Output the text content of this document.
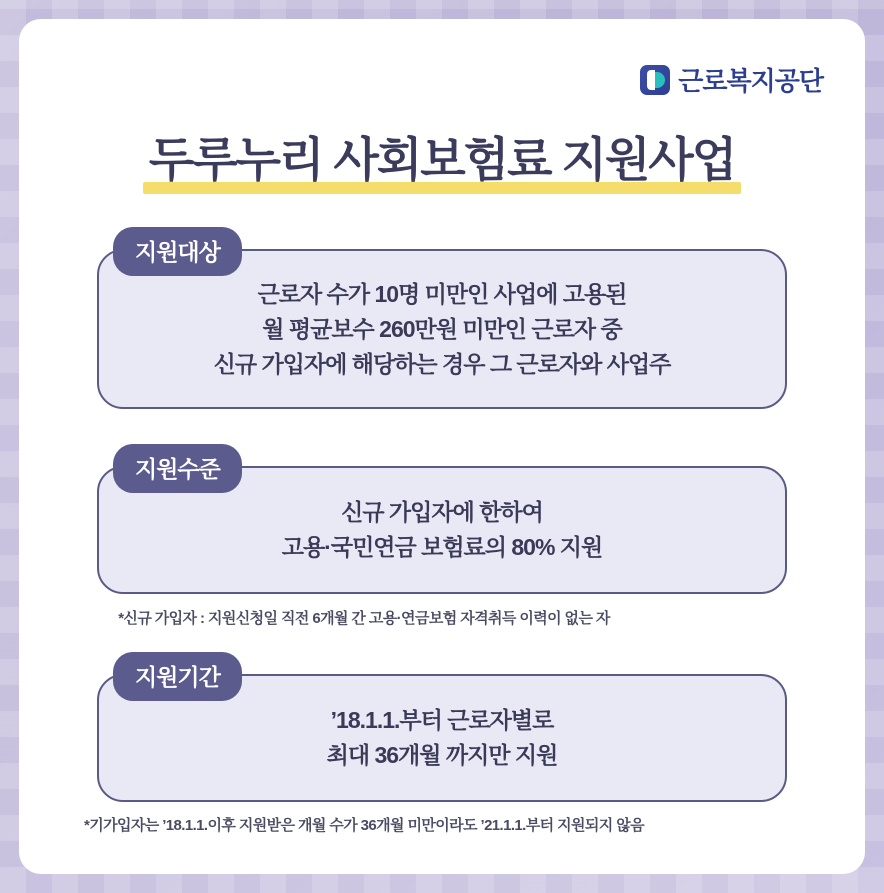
근로복지공단
두루누리 사회보험료 지원사업
근로자 수가 10명 미만인 사업에 고용된
월 평균보수 260만원 미만인 근로자 중
신규 가입자에 해당하는 경우 그 근로자와 사업주
지원대상
신규 가입자에 한하여
고용·국민연금 보험료의 80% 지원
지원수준
*신규 가입자 : 지원신청일 직전 6개월 간 고용·연금보험 자격취득 이력이 없는 자
’18.1.1.부터 근로자별로
최대 36개월 까지만 지원
지원기간
*기가입자는 ’18.1.1.이후 지원받은 개월 수가 36개월 미만이라도 ’21.1.1.부터 지원되지 않음
